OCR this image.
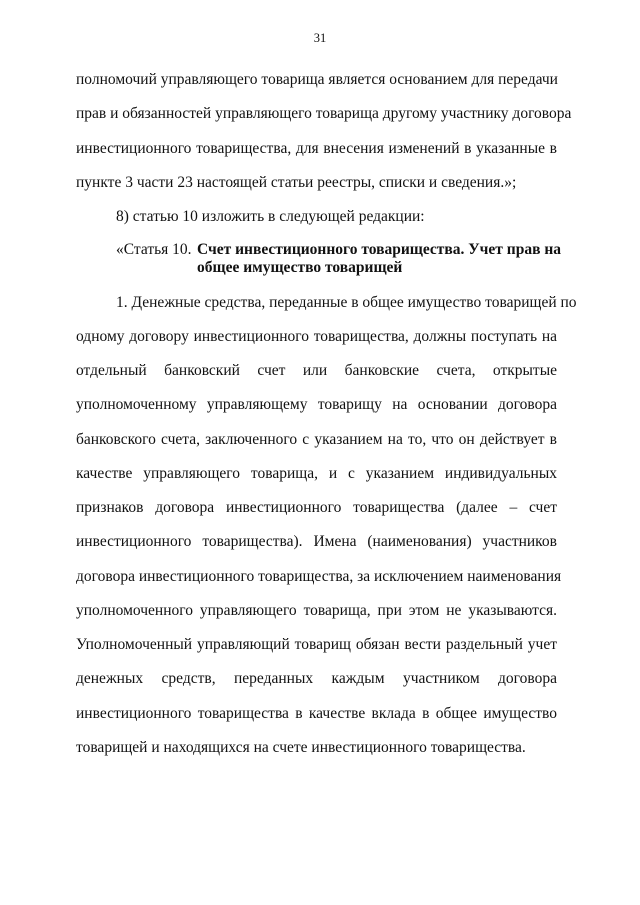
31
полномочий управляющего товарища является основанием для передачи
прав и обязанностей управляющего товарища другому участнику договора
инвестиционного товарищества, для внесения изменений в указанные в
пункте 3 части 23 настоящей статьи реестры, списки и сведения.»;
8) статью 10 изложить в следующей редакции:
«Статья 10. Счет инвестиционного товарищества. Учет прав на
общее имущество товарищей
1. Денежные средства, переданные в общее имущество товарищей по
одному договору инвестиционного товарищества, должны поступать на
отдельный банковский счет или банковские счета, открытые
уполномоченному управляющему товарищу на основании договора
банковского счета, заключенного с указанием на то, что он действует в
качестве управляющего товарища, и с указанием индивидуальных
признаков договора инвестиционного товарищества (далее – счет
инвестиционного товарищества). Имена (наименования) участников
договора инвестиционного товарищества, за исключением наименования
уполномоченного управляющего товарища, при этом не указываются.
Уполномоченный управляющий товарищ обязан вести раздельный учет
денежных средств, переданных каждым участником договора
инвестиционного товарищества в качестве вклада в общее имущество
товарищей и находящихся на счете инвестиционного товарищества.
